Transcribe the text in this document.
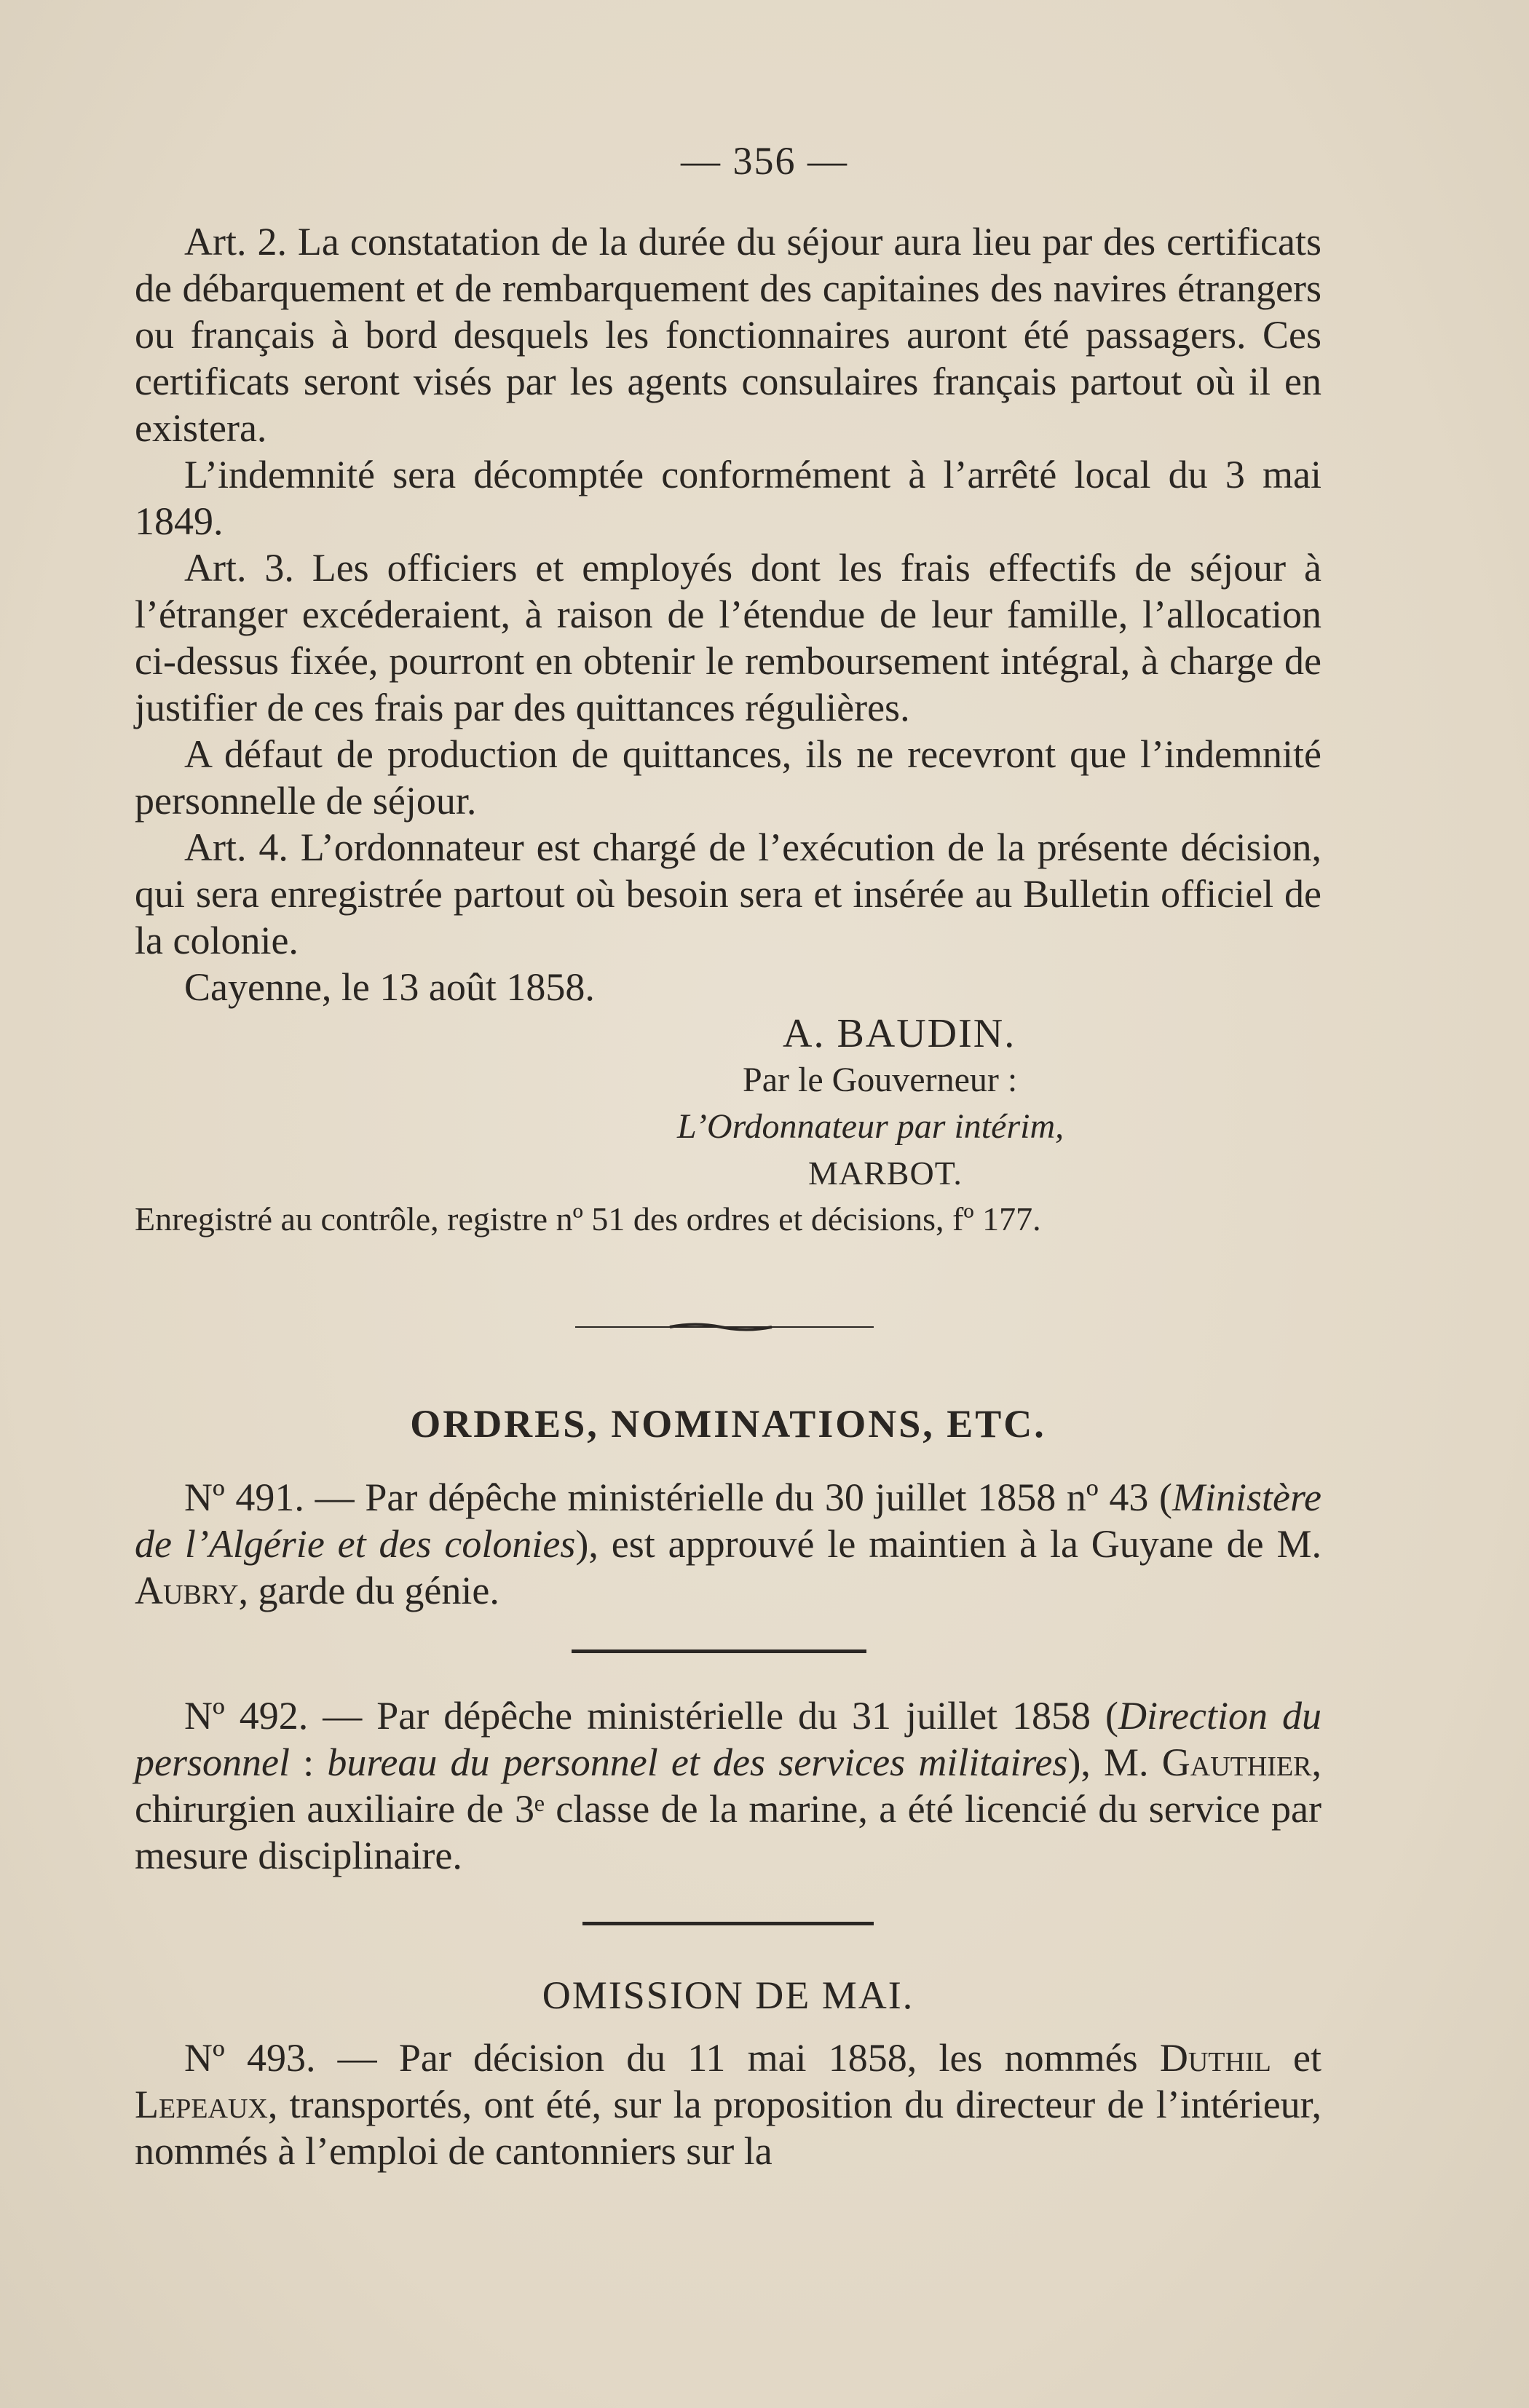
— 356 —

Art. 2. La constatation de la durée du séjour aura lieu par des certificats de débarquement et de rembarquement des capitaines des navires étrangers ou français à bord desquels les fonctionnaires auront été passagers. Ces certificats seront visés par les agents consulaires français partout où il en existera.

L’indemnité sera décomptée conformément à l’arrêté local du 3 mai 1849.

Art. 3. Les officiers et employés dont les frais effectifs de séjour à l’étranger excéderaient, à raison de l’étendue de leur famille, l’allocation ci-dessus fixée, pourront en obtenir le remboursement intégral, à charge de justifier de ces frais par des quittances régulières.

A défaut de production de quittances, ils ne recevront que l’indemnité personnelle de séjour.

Art. 4. L’ordonnateur est chargé de l’exécution de la présente décision, qui sera enregistrée partout où besoin sera et insérée au Bulletin officiel de la colonie.

Cayenne, le 13 août 1858.

A. BAUDIN.

Par le Gouverneur :

L’Ordonnateur par intérim,

MARBOT.

Enregistré au contrôle, registre nº 51 des ordres et décisions, fº 177.

ORDRES, NOMINATIONS, ETC.

Nº 491. — Par dépêche ministérielle du 30 juillet 1858 nº 43 (Ministère de l’Algérie et des colonies), est approuvé le maintien à la Guyane de M. Aubry, garde du génie.

Nº 492. — Par dépêche ministérielle du 31 juillet 1858 (Direction du personnel : bureau du personnel et des services militaires), M. Gauthier, chirurgien auxiliaire de 3ᵉ classe de la marine, a été licencié du service par mesure disciplinaire.

OMISSION DE MAI.

Nº 493. — Par décision du 11 mai 1858, les nommés Duthil et Lepeaux, transportés, ont été, sur la proposition du directeur de l’intérieur, nommés à l’emploi de cantonniers sur la
